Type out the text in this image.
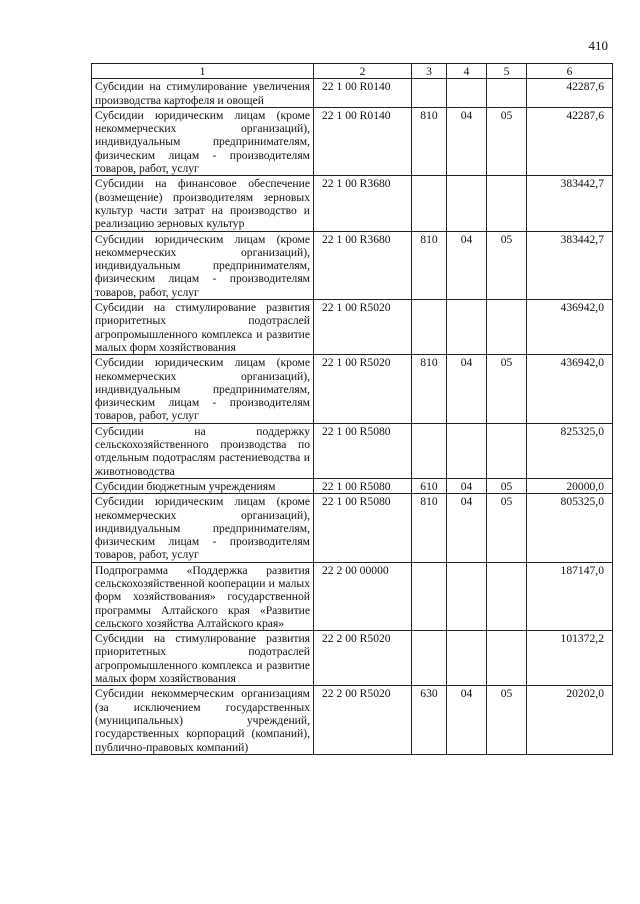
410
1	2	3	4	5	6
Субсидии на стимулирование увеличения производства картофеля и овощей	22 1 00 R0140				42287,6
Субсидии юридическим лицам (кроме некоммерческих организаций), индивидуальным предпринимателям, физическим лицам - производителям товаров, работ, услуг	22 1 00 R0140	810	04	05	42287,6
Субсидии на финансовое обеспечение (возмещение) производителям зерновых культур части затрат на производство и реализацию зерновых культур	22 1 00 R3680				383442,7
Субсидии юридическим лицам (кроме некоммерческих организаций), индивидуальным предпринимателям, физическим лицам - производителям товаров, работ, услуг	22 1 00 R3680	810	04	05	383442,7
Субсидии на стимулирование развития приоритетных подотраслей агропромышленного комплекса и развитие малых форм хозяйствования	22 1 00 R5020				436942,0
Субсидии юридическим лицам (кроме некоммерческих организаций), индивидуальным предпринимателям, физическим лицам - производителям товаров, работ, услуг	22 1 00 R5020	810	04	05	436942,0
Субсидии на поддержку сельскохозяйственного производства по отдельным подотраслям растениеводства и животноводства	22 1 00 R5080				825325,0
Субсидии бюджетным учреждениям	22 1 00 R5080	610	04	05	20000,0
Субсидии юридическим лицам (кроме некоммерческих организаций), индивидуальным предпринимателям, физическим лицам - производителям товаров, работ, услуг	22 1 00 R5080	810	04	05	805325,0
Подпрограмма «Поддержка развития сельскохозяйственной кооперации и малых форм хозяйствования» государственной программы Алтайского края «Развитие сельского хозяйства Алтайского края»	22 2 00 00000				187147,0
Субсидии на стимулирование развития приоритетных подотраслей агропромышленного комплекса и развитие малых форм хозяйствования	22 2 00 R5020				101372,2
Субсидии некоммерческим организациям (за исключением государственных (муниципальных) учреждений, государственных корпораций (компаний), публично-правовых компаний)	22 2 00 R5020	630	04	05	20202,0
